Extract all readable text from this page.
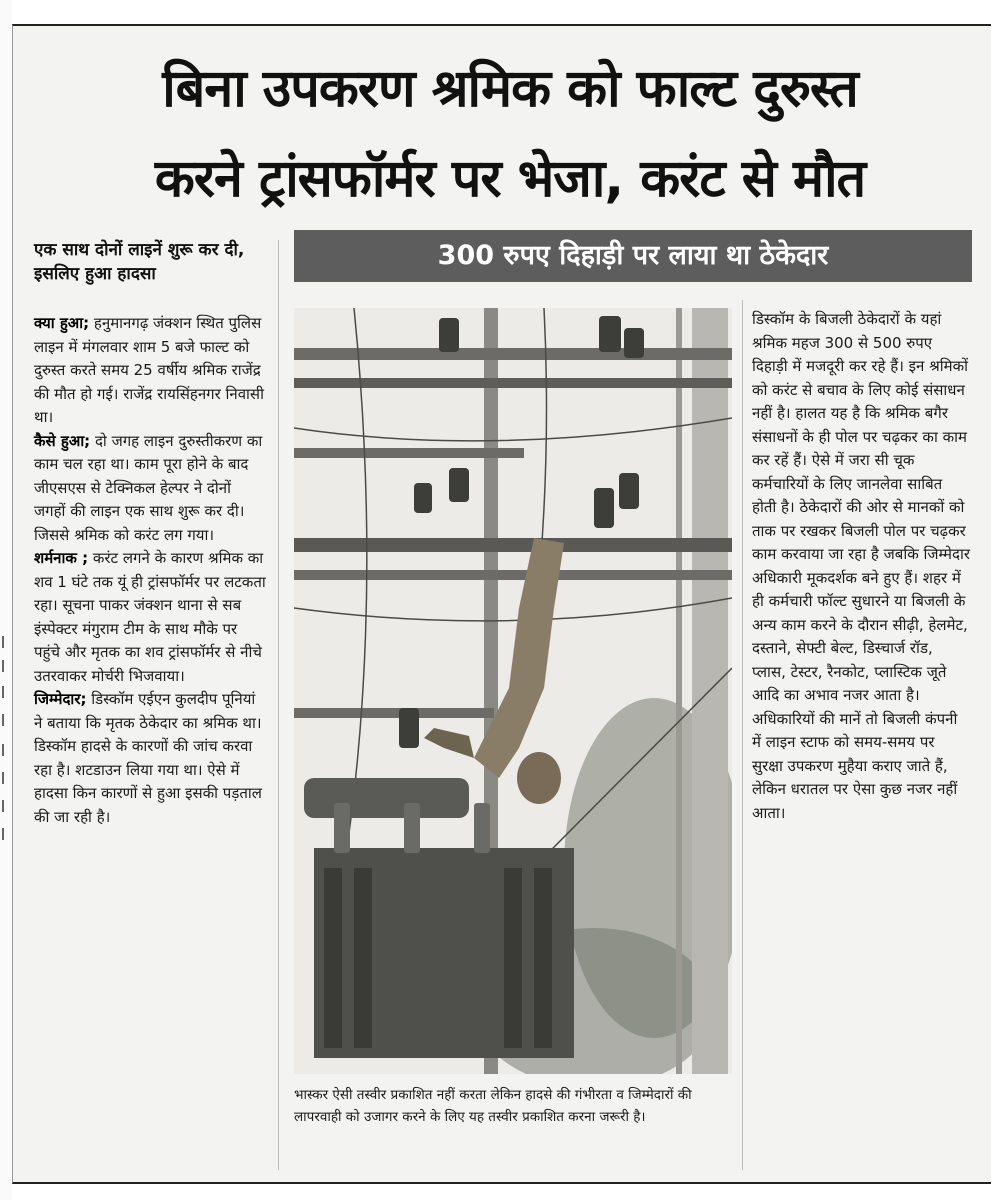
बिना उपकरण श्रमिक को फाल्ट दुरुस्त
करने ट्रांसफॉर्मर पर भेजा, करंट से मौत
एक साथ दोनों लाइनें शुरू कर दी, इसलिए हुआ हादसा
300 रुपए दिहाड़ी पर लाया था ठेकेदार

क्या हुआ; हनुमानगढ़ जंक्शन स्थित पुलिस लाइन में मंगलवार शाम 5 बजे फाल्ट को दुरुस्त करते समय 25 वर्षीय श्रमिक राजेंद्र की मौत हो गई। राजेंद्र रायसिंहनगर निवासी था।

कैसे हुआ; दो जगह लाइन दुरुस्तीकरण का काम चल रहा था। काम पूरा होने के बाद जीएसएस से टेक्निकल हेल्पर ने दोनों जगहों की लाइन एक साथ शुरू कर दी। जिससे श्रमिक को करंट लग गया।

शर्मनाक ; करंट लगने के कारण श्रमिक का शव 1 घंटे तक यूं ही ट्रांसफॉर्मर पर लटकता रहा। सूचना पाकर जंक्शन थाना से सब इंस्पेक्टर मंगुराम टीम के साथ मौके पर पहुंचे और मृतक का शव ट्रांसफॉर्मर से नीचे उतरवाकर मोर्चरी भिजवाया।

जिम्मेदार; डिस्कॉम एईएन कुलदीप पूनियां ने बताया कि मृतक ठेकेदार का श्रमिक था। डिस्कॉम हादसे के कारणों की जांच करवा रहा है। शटडाउन लिया गया था। ऐसे में हादसा किन कारणों से हुआ इसकी पड़ताल की जा रही है।

भास्कर ऐसी तस्वीर प्रकाशित नहीं करता लेकिन हादसे की गंभीरता व जिम्मेदारों की लापरवाही को उजागर करने के लिए यह तस्वीर प्रकाशित करना जरूरी है।
डिस्कॉम के बिजली ठेकेदारों के यहां श्रमिक महज 300 से 500 रुपए दिहाड़ी में मजदूरी कर रहे हैं। इन श्रमिकों को करंट से बचाव के लिए कोई संसाधन नहीं है। हालत यह है कि श्रमिक बगैर संसाधनों के ही पोल पर चढ़कर का काम कर रहें हैं। ऐसे में जरा सी चूक कर्मचारियों के लिए जानलेवा साबित होती है। ठेकेदारों की ओर से मानकों को ताक पर रखकर बिजली पोल पर चढ़कर काम करवाया जा रहा है जबकि जिम्मेदार अधिकारी मूकदर्शक बने हुए हैं। शहर में ही कर्मचारी फॉल्ट सुधारने या बिजली के अन्य काम करने के दौरान सीढ़ी, हेलमेट, दस्ताने, सेफ्टी बेल्ट, डिस्चार्ज रॉड, प्लास, टेस्टर, रैनकोट, प्लास्टिक जूते आदि का अभाव नजर आता है। अधिकारियों की मानें तो बिजली कंपनी में लाइन स्टाफ को समय-समय पर सुरक्षा उपकरण मुहैया कराए जाते हैं, लेकिन धरातल पर ऐसा कुछ नजर नहीं आता।
